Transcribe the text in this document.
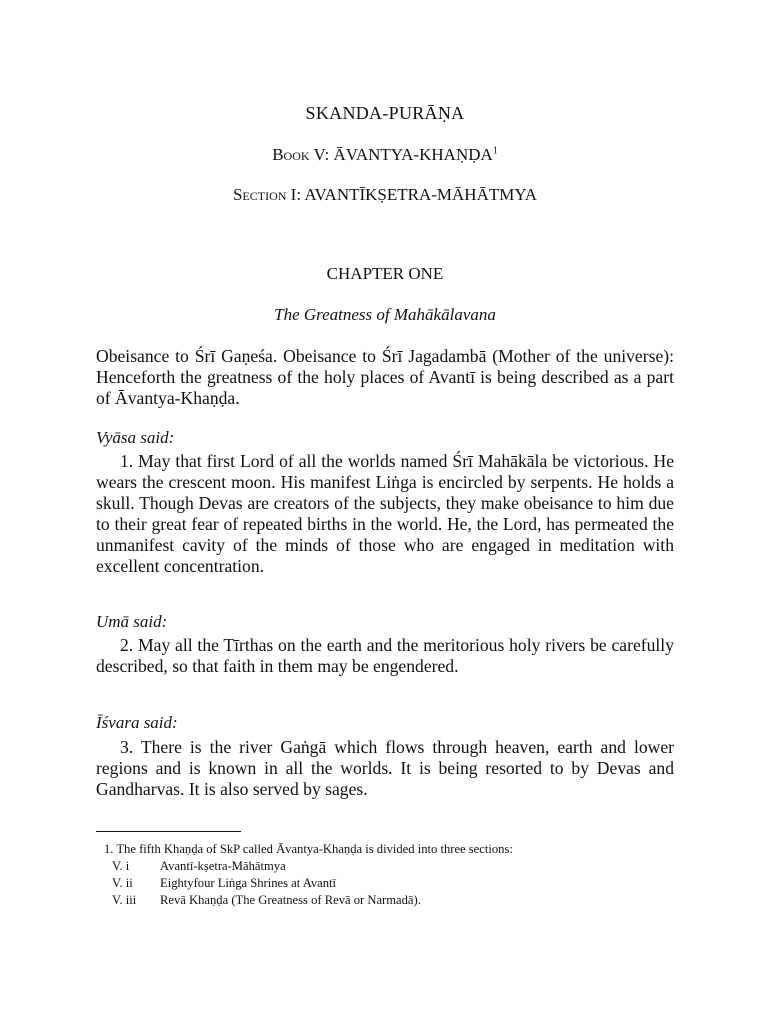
SKANDA-PURĀṆA
Book V: ĀVANTYA-KHAṆḌA$^1$
Section I: AVANTĪKṢETRA-MĀHĀTMYA
CHAPTER ONE
The Greatness of Mahākālavana
Obeisance to Śrī Gaṇeśa. Obeisance to Śrī Jagadambā (Mother of the universe): Henceforth the greatness of the holy places of Avantī is being described as a part of Āvantya-Khaṇḍa.
Vyāsa said:
1. May that first Lord of all the worlds named Śrī Mahākāla be victorious. He wears the crescent moon. His manifest Liṅga is encircled by serpents. He holds a skull. Though Devas are creators of the subjects, they make obeisance to him due to their great fear of repeated births in the world. He, the Lord, has permeated the unmanifest cavity of the minds of those who are engaged in meditation with excellent concentration.
Umā said:
2. May all the Tīrthas on the earth and the meritorious holy rivers be carefully described, so that faith in them may be engendered.
Īśvara said:
3. There is the river Gaṅgā which flows through heaven, earth and lower regions and is known in all the worlds. It is being resorted to by Devas and Gandharvas. It is also served by sages.
1. The fifth Khaṇḍa of SkP called Āvantya-Khaṇḍa is divided into three sections:
V. i	Avantī-kṣetra-Māhātmya
V. ii	Eightyfour Liṅga Shrines at Avantī
V. iii	Revā Khaṇḍa (The Greatness of Revā or Narmadā).
